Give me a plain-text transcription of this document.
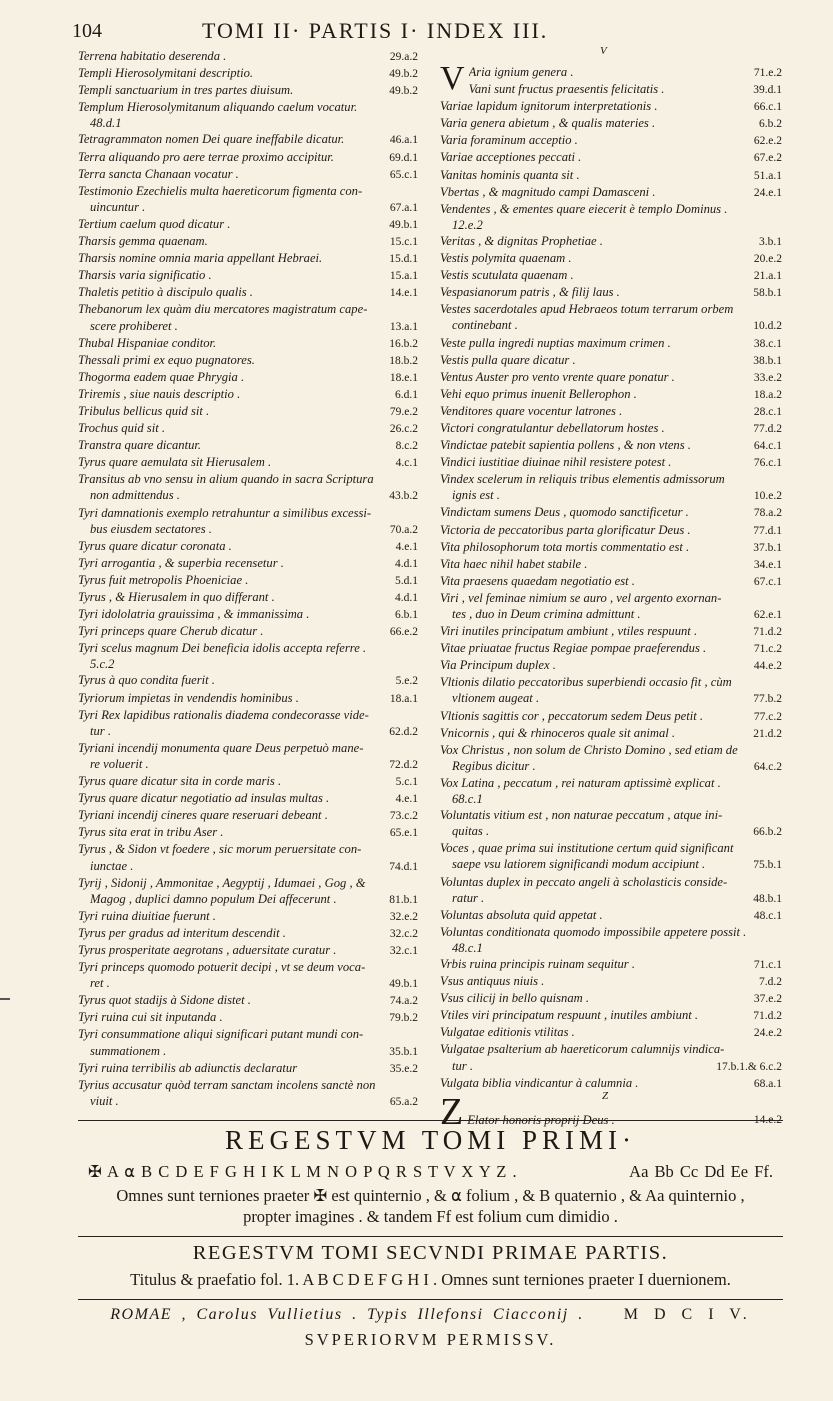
104	TOMI II· PARTIS I· INDEX III.
Terrena habitatio deserenda .	29.a.2
Templi Hierosolymitani descriptio.	49.b.2
Templi sanctuarium in tres partes diuisum.	49.b.2
Templum Hierosolymitanum aliquando caelum vocatur.
48.d.1
Tetragrammaton nomen Dei quare ineffabile dicatur.	46.a.1
Terra aliquando pro aere terrae proximo accipitur.	69.d.1
Terra sancta Chanaan vocatur .	65.c.1
Testimonio Ezechielis multa haereticorum figmenta con-
uincuntur .	67.a.1
Tertium caelum quod dicatur .	49.b.1
Tharsis gemma quaenam.	15.c.1
Tharsis nomine omnia maria appellant Hebraei.	15.d.1
Tharsis varia significatio .	15.a.1
Thaletis petitio à discipulo qualis .	14.e.1
Thebanorum lex quàm diu mercatores magistratum cape-
scere prohiberet .	13.a.1
Thubal Hispaniae conditor.	16.b.2
Thessali primi ex equo pugnatores.	18.b.2
Thogorma eadem quae Phrygia .	18.e.1
Triremis , siue nauis descriptio .	6.d.1
Tribulus bellicus quid sit .	79.e.2
Trochus quid sit .	26.c.2
Transtra quare dicantur.	8.c.2
Tyrus quare aemulata sit Hierusalem .	4.c.1
Transitus ab vno sensu in alium quando in sacra Scriptura
non admittendus .	43.b.2
Tyri damnationis exemplo retrahuntur a similibus excessi-
bus eiusdem sectatores .	70.a.2
Tyrus quare dicatur coronata .	4.e.1
Tyri arrogantia , & superbia recensetur .	4.d.1
Tyrus fuit metropolis Phoeniciae .	5.d.1
Tyrus , & Hierusalem in quo differant .	4.d.1
Tyri idololatria grauissima , & immanissima .	6.b.1
Tyri princeps quare Cherub dicatur .	66.e.2
Tyri scelus magnum Dei beneficia idolis accepta referre .
5.c.2
Tyrus à quo condita fuerit .	5.e.2
Tyriorum impietas in vendendis hominibus .	18.a.1
Tyri Rex lapidibus rationalis diadema condecorasse vide-
tur .	62.d.2
Tyriani incendij monumenta quare Deus perpetuò mane-
re voluerit .	72.d.2
Tyrus quare dicatur sita in corde maris .	5.c.1
Tyrus quare dicatur negotiatio ad insulas multas .	4.e.1
Tyriani incendij cineres quare reseruari debeant .	73.c.2
Tyrus sita erat in tribu Aser .	65.e.1
Tyrus , & Sidon vt foedere , sic morum peruersitate con-
iunctae .	74.d.1
Tyrij , Sidonij , Ammonitae , Aegyptij , Idumaei , Gog , &
Magog , duplici damno populum Dei affecerunt .	81.b.1
Tyri ruina diuitiae fuerunt .	32.e.2
Tyrus per gradus ad interitum descendit .	32.c.2
Tyrus prosperitate aegrotans , aduersitate curatur .	32.c.1
Tyri princeps quomodo potuerit decipi , vt se deum voca-
ret .	49.b.1
Tyrus quot stadijs à Sidone distet .	74.a.2
Tyri ruina cui sit inputanda .	79.b.2
Tyri consummatione aliqui significari putant mundi con-
summationem .	35.b.1
Tyri ruina terribilis ab adiunctis declaratur	35.e.2
Tyrius accusatur quòd terram sanctam incolens sanctè non
viuit .	65.a.2
V
V Aria ignium genera .	71.e.2
Vani sunt fructus praesentis felicitatis .	39.d.1
Variae lapidum ignitorum interpretationis .	66.c.1
Varia genera abietum , & qualis materies .	6.b.2
Varia foraminum acceptio .	62.e.2
Variae acceptiones peccati .	67.e.2
Vanitas hominis quanta sit .	51.a.1
Vbertas , & magnitudo campi Damasceni .	24.e.1
Vendentes , & ementes quare eiecerit è templo Dominus .
12.e.2
Veritas , & dignitas Prophetiae .	3.b.1
Vestis polymita quaenam .	20.e.2
Vestis scutulata quaenam .	21.a.1
Vespasianorum patris , & filij laus .	58.b.1
Vestes sacerdotales apud Hebraeos totum terrarum orbem
continebant .	10.d.2
Veste pulla ingredi nuptias maximum crimen .	38.c.1
Vestis pulla quare dicatur .	38.b.1
Ventus Auster pro vento vrente quare ponatur .	33.e.2
Vehi equo primus inuenit Bellerophon .	18.a.2
Venditores quare vocentur latrones .	28.c.1
Victori congratulantur debellatorum hostes .	77.d.2
Vindictae patebit sapientia pollens , & non vtens .	64.c.1
Vindici iustitiae diuinae nihil resistere potest .	76.c.1
Vindex scelerum in reliquis tribus elementis admissorum
ignis est .	10.e.2
Vindictam sumens Deus , quomodo sanctificetur .	78.a.2
Victoria de peccatoribus parta glorificatur Deus .	77.d.1
Vita philosophorum tota mortis commentatio est .	37.b.1
Vita haec nihil habet stabile .	34.e.1
Vita praesens quaedam negotiatio est .	67.c.1
Viri , vel feminae nimium se auro , vel argento exornan-
tes , duo in Deum crimina admittunt .	62.e.1
Viri inutiles principatum ambiunt , vtiles respuunt .	71.d.2
Vitae priuatae fructus Regiae pompae praeferendus .	71.c.2
Via Principum duplex .	44.e.2
Vltionis dilatio peccatoribus superbiendi occasio fit , cùm
vltionem augeat .	77.b.2
Vltionis sagittis cor , peccatorum sedem Deus petit .	77.c.2
Vnicornis , qui & rhinoceros quale sit animal .	21.d.2
Vox Christus , non solum de Christo Domino , sed etiam de
Regibus dicitur .	64.c.2
Vox Latina , peccatum , rei naturam aptissimè explicat .
68.c.1
Voluntatis vitium est , non naturae peccatum , atque ini-
quitas .	66.b.2
Voces , quae prima sui institutione certum quid significant
saepe vsu latiorem significandi modum accipiunt .	75.b.1
Voluntas duplex in peccato angeli à scholasticis conside-
ratur .	48.b.1
Voluntas absoluta quid appetat .	48.c.1
Voluntas conditionata quomodo impossibile appetere possit .
48.c.1
Vrbis ruina principis ruinam sequitur .	71.c.1
Vsus antiquus niuis .	7.d.2
Vsus cilicij in bello quisnam .	37.e.2
Vtiles viri principatum respuunt , inutiles ambiunt .	71.d.2
Vulgatae editionis vtilitas .	24.e.2
Vulgatae psalterium ab haereticorum calumnijs vindica-
tur .	17.b.1.& 6.c.2
Vulgata biblia vindicantur à calumnia .	68.a.1
Z
Z Elator honoris proprij Deus .	14.e.2
REGESTVM TOMI PRIMI·
✠ A ⍺ B C D E F G H I K L M N O P Q R S T V X Y Z .	Aa Bb Cc Dd Ee Ff.
Omnes sunt terniones praeter ✠ est quinternio , & ⍺ folium , & B quaternio , & Aa quinternio ,
propter imagines . & tandem Ff est folium cum dimidio .
REGESTVM TOMI SECVNDI PRIMAE PARTIS.
Titulus & praefatio fol. 1. A B C D E F G H I . Omnes sunt terniones praeter I duernionem.
ROMAE , Carolus Vullietius . Typis Illefonsi Ciacconij .	M D C I V.
SVPERIORVM PERMISSV.
